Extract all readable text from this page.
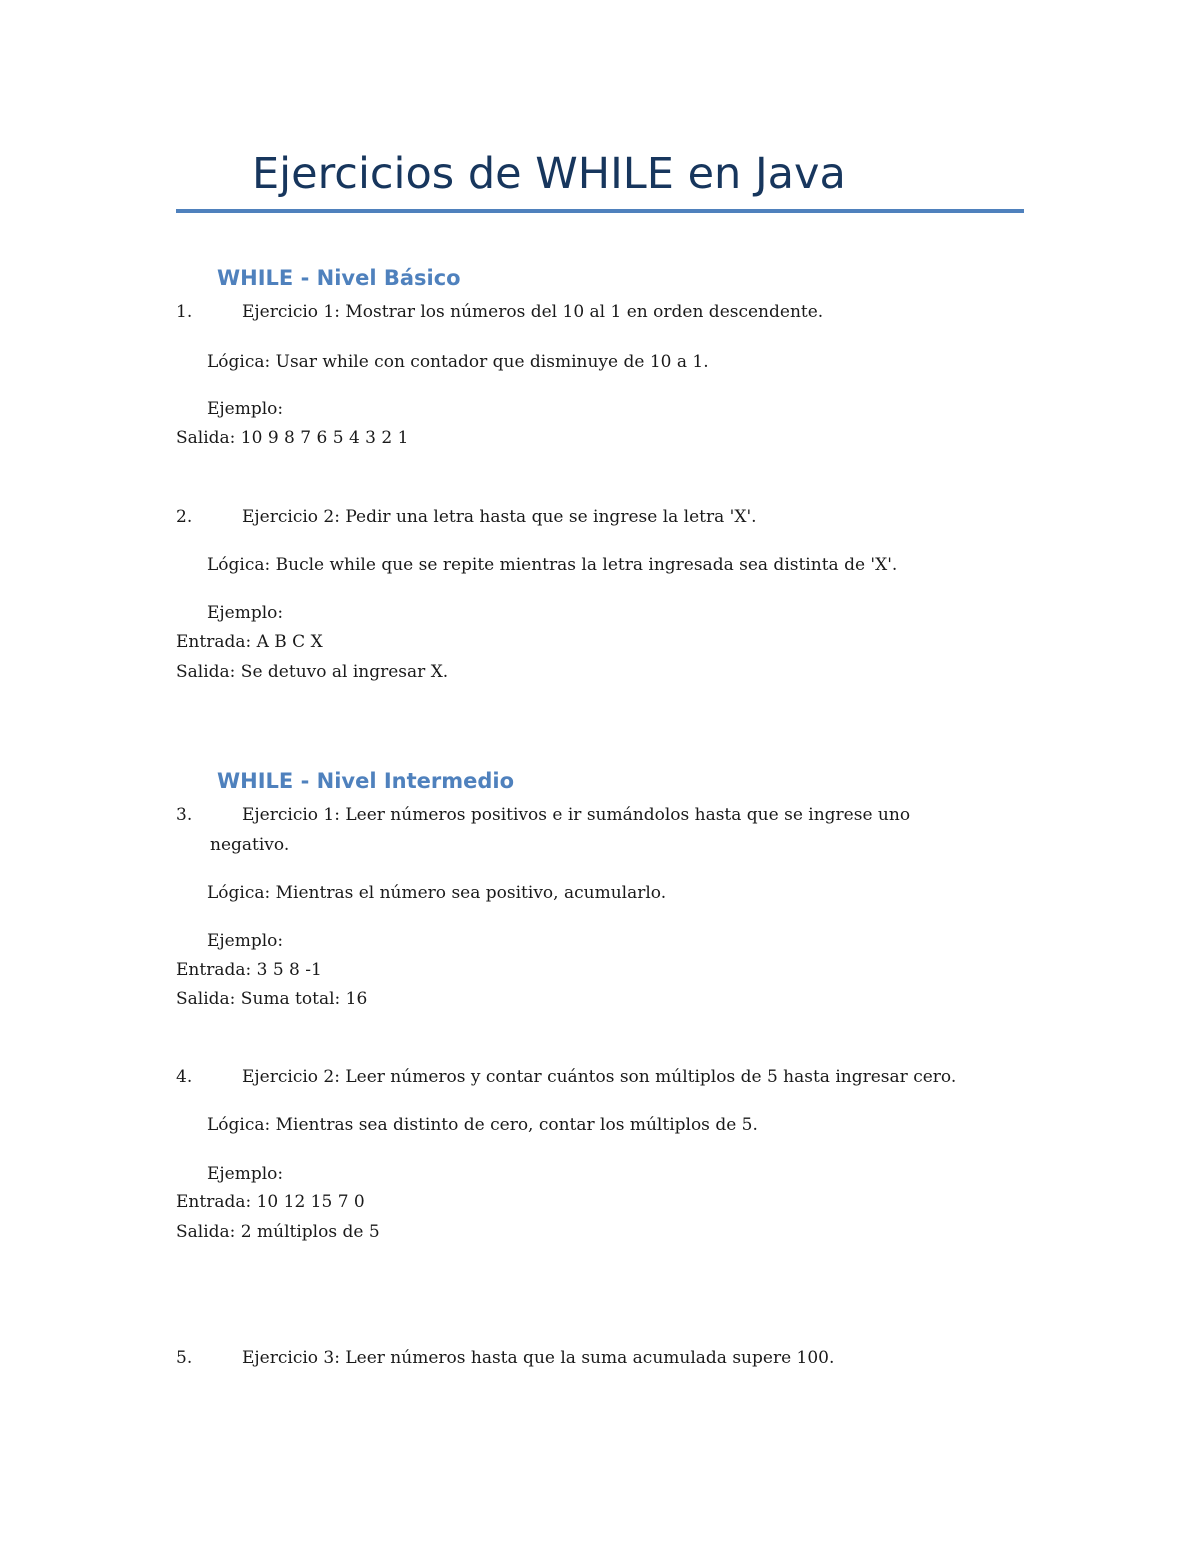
Ejercicios de WHILE en Java
WHILE - Nivel Básico

1.	Ejercicio 1: Mostrar los números del 10 al 1 en orden descendente.

Lógica: Usar while con contador que disminuye de 10 a 1.

Ejemplo:

Salida: 10 9 8 7 6 5 4 3 2 1

2.	Ejercicio 2: Pedir una letra hasta que se ingrese la letra 'X'.

Lógica: Bucle while que se repite mientras la letra ingresada sea distinta de 'X'.

Ejemplo:

Entrada: A B C X

Salida: Se detuvo al ingresar X.

WHILE - Nivel Intermedio

3.	Ejercicio 1: Leer números positivos e ir sumándolos hasta que se ingrese uno

negativo.

Lógica: Mientras el número sea positivo, acumularlo.

Ejemplo:

Entrada: 3 5 8 -1

Salida: Suma total: 16

4.	Ejercicio 2: Leer números y contar cuántos son múltiplos de 5 hasta ingresar cero.

Lógica: Mientras sea distinto de cero, contar los múltiplos de 5.

Ejemplo:

Entrada: 10 12 15 7 0

Salida: 2 múltiplos de 5

5.	Ejercicio 3: Leer números hasta que la suma acumulada supere 100.
